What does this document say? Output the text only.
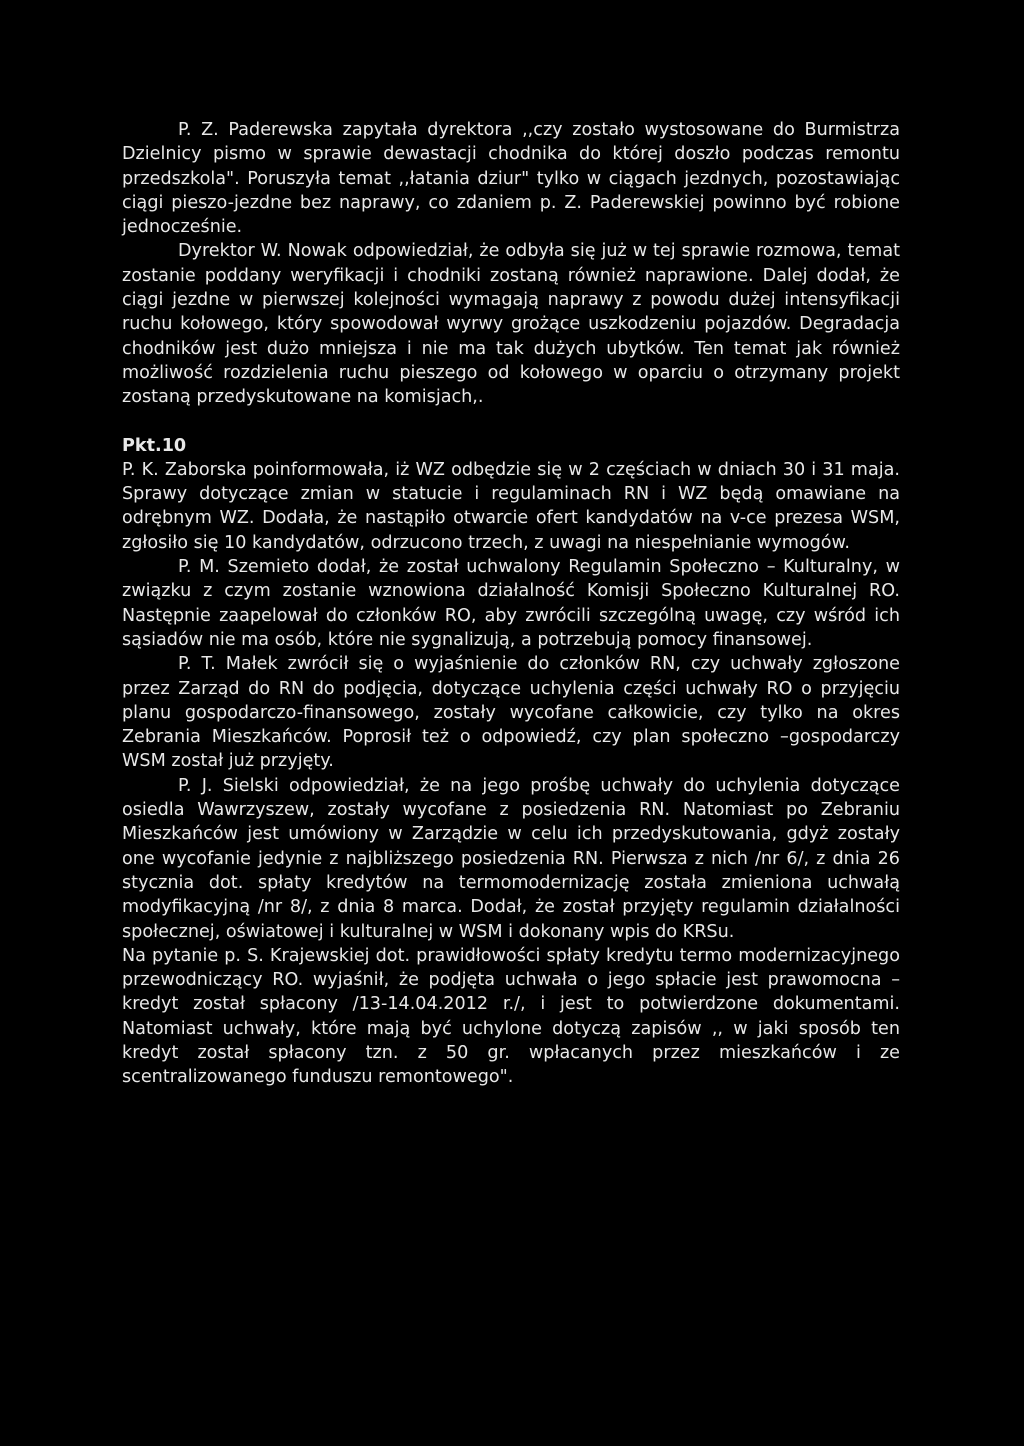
P. Z. Paderewska zapytała dyrektora ,,czy zostało wystosowane do Burmistrza Dzielnicy pismo w sprawie dewastacji chodnika do której doszło podczas remontu przedszkola". Poruszyła temat ,,łatania dziur" tylko w ciągach jezdnych, pozostawiając ciągi pieszo-jezdne bez naprawy, co zdaniem p. Z. Paderewskiej powinno być robione jednocześnie.

Dyrektor W. Nowak odpowiedział, że odbyła się już w tej sprawie rozmowa, temat zostanie poddany weryfikacji i chodniki zostaną również naprawione. Dalej dodał, że ciągi jezdne w pierwszej kolejności wymagają naprawy z powodu dużej intensyfikacji ruchu kołowego, który spowodował wyrwy grożące uszkodzeniu pojazdów. Degradacja chodników jest dużo mniejsza i nie ma tak dużych ubytków. Ten temat jak również możliwość rozdzielenia ruchu pieszego od kołowego w oparciu o otrzymany projekt zostaną przedyskutowane na komisjach,.

Pkt.10

P. K. Zaborska poinformowała, iż WZ odbędzie się w 2 częściach w dniach 30 i 31 maja. Sprawy dotyczące zmian w statucie i regulaminach RN i WZ będą omawiane na odrębnym WZ. Dodała, że nastąpiło otwarcie ofert kandydatów na v-ce prezesa WSM, zgłosiło się 10 kandydatów, odrzucono trzech, z uwagi na niespełnianie wymogów.

P. M. Szemieto dodał, że został uchwalony Regulamin Społeczno – Kulturalny, w związku z czym zostanie wznowiona działalność Komisji Społeczno Kulturalnej RO. Następnie zaapelował do członków RO, aby zwrócili szczególną uwagę, czy wśród ich sąsiadów nie ma osób, które nie sygnalizują, a potrzebują pomocy finansowej.

P. T. Małek zwrócił się o wyjaśnienie do członków RN, czy uchwały zgłoszone przez Zarząd do RN do podjęcia, dotyczące uchylenia części uchwały RO o przyjęciu planu gospodarczo-finansowego, zostały wycofane całkowicie, czy tylko na okres Zebrania Mieszkańców. Poprosił też o odpowiedź, czy plan społeczno –gospodarczy WSM został już przyjęty.

P. J. Sielski odpowiedział, że na jego prośbę uchwały do uchylenia dotyczące osiedla Wawrzyszew, zostały wycofane z posiedzenia RN. Natomiast po Zebraniu Mieszkańców jest umówiony w Zarządzie w celu ich przedyskutowania, gdyż zostały one wycofanie jedynie z najbliższego posiedzenia RN. Pierwsza z nich /nr 6/, z dnia 26 stycznia dot. spłaty kredytów na termomodernizację została zmieniona uchwałą modyfikacyjną /nr 8/, z dnia 8 marca. Dodał, że został przyjęty regulamin działalności społecznej, oświatowej i kulturalnej w WSM i dokonany wpis do KRSu.

Na pytanie p. S. Krajewskiej dot. prawidłowości spłaty kredytu termo modernizacyjnego przewodniczący RO. wyjaśnił, że podjęta uchwała o jego spłacie jest prawomocna – kredyt został spłacony /13-14.04.2012 r./, i jest to potwierdzone dokumentami. Natomiast uchwały, które mają być uchylone dotyczą zapisów ,, w jaki sposób ten kredyt został spłacony tzn. z 50 gr. wpłacanych przez mieszkańców i ze scentralizowanego funduszu remontowego".
